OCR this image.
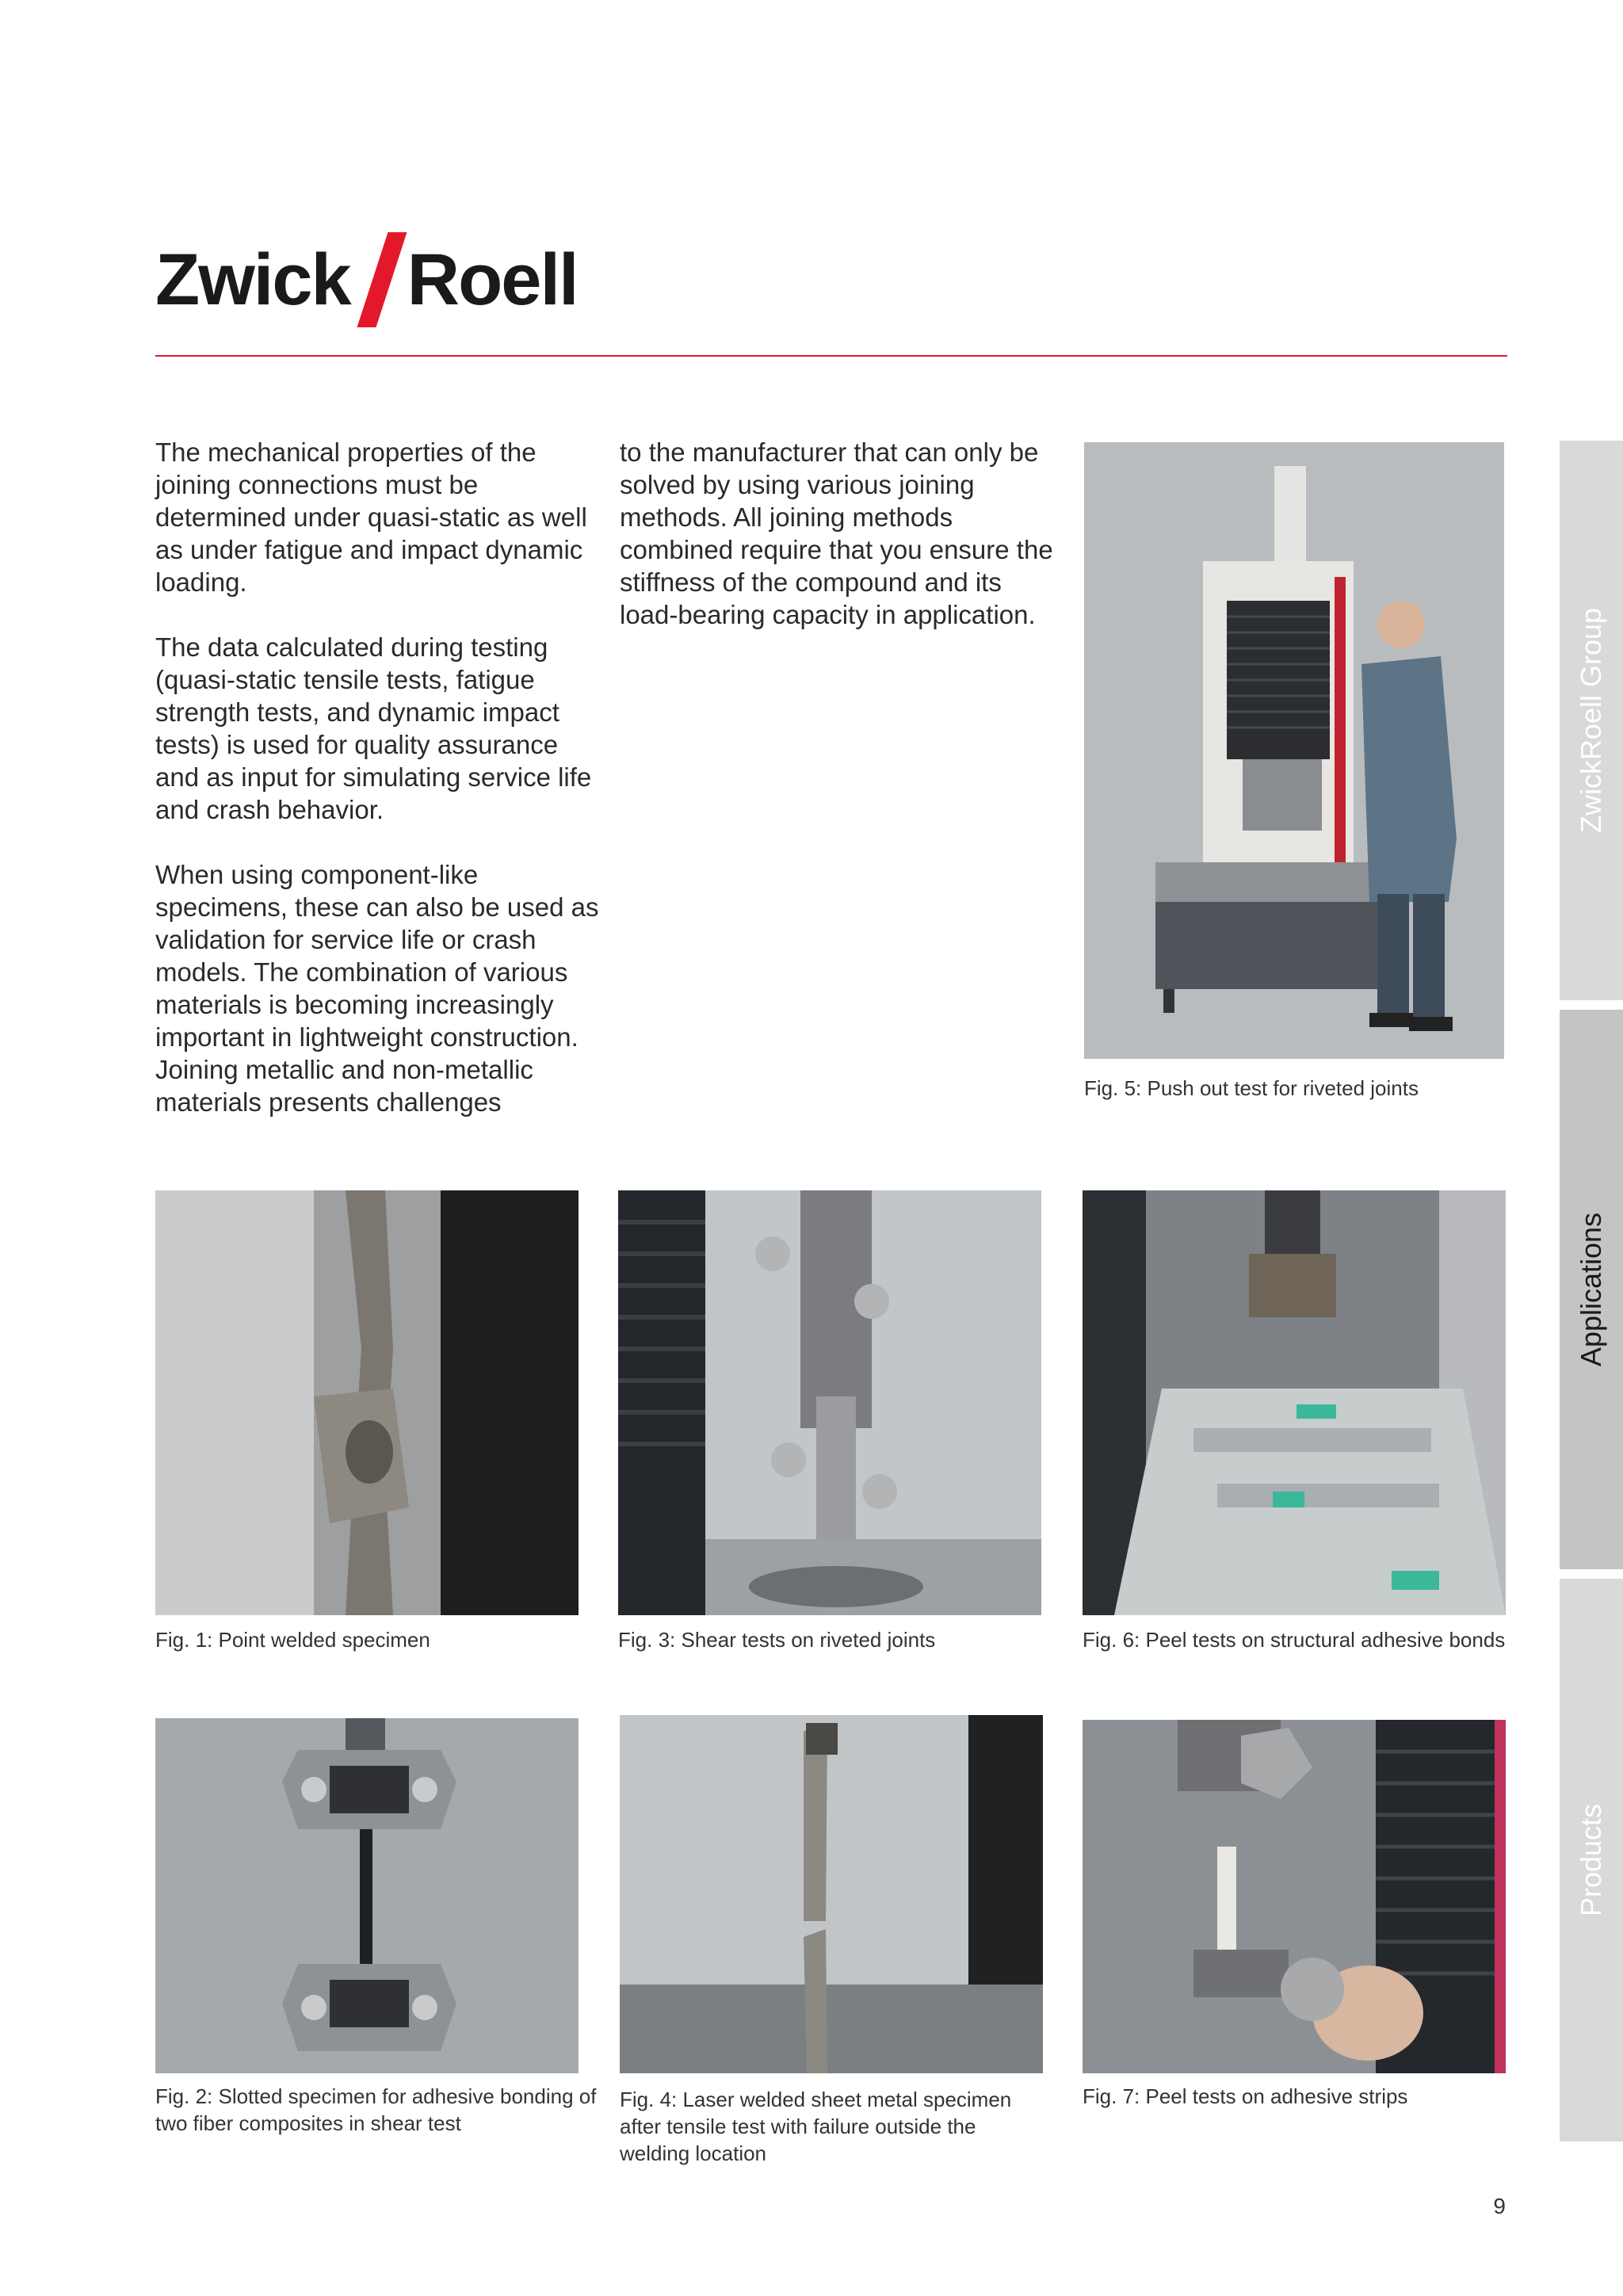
Zwick Roell

The mechanical properties of the joining connections must be determined under quasi-static as well as under fatigue and impact dynamic loading.

The data calculated during testing (quasi-static tensile tests, fatigue strength tests, and dynamic impact tests) is used for quality assurance and as input for simulating service life and crash behavior.

When using component-like specimens, these can also be used as validation for service life or crash models. The combination of various materials is becoming increasingly important in lightweight construction. Joining metallic and non-metallic materials presents challenges

to the manufacturer that can only be solved by using various joining methods. All joining methods combined require that you ensure the stiffness of the compound and its load-bearing capacity in application.

Fig. 5: Push out test for riveted joints
Fig. 1: Point welded specimen	Fig. 3: Shear tests on riveted joints	Fig. 6: Peel tests on structural adhesive bonds
Fig. 2: Slotted specimen for adhesive bonding of two fiber composites in shear test
Fig. 4: Laser welded sheet metal specimen after tensile test with failure outside the welding location
Fig. 7: Peel tests on adhesive strips
ZwickRoell Group
Applications
Products
9
